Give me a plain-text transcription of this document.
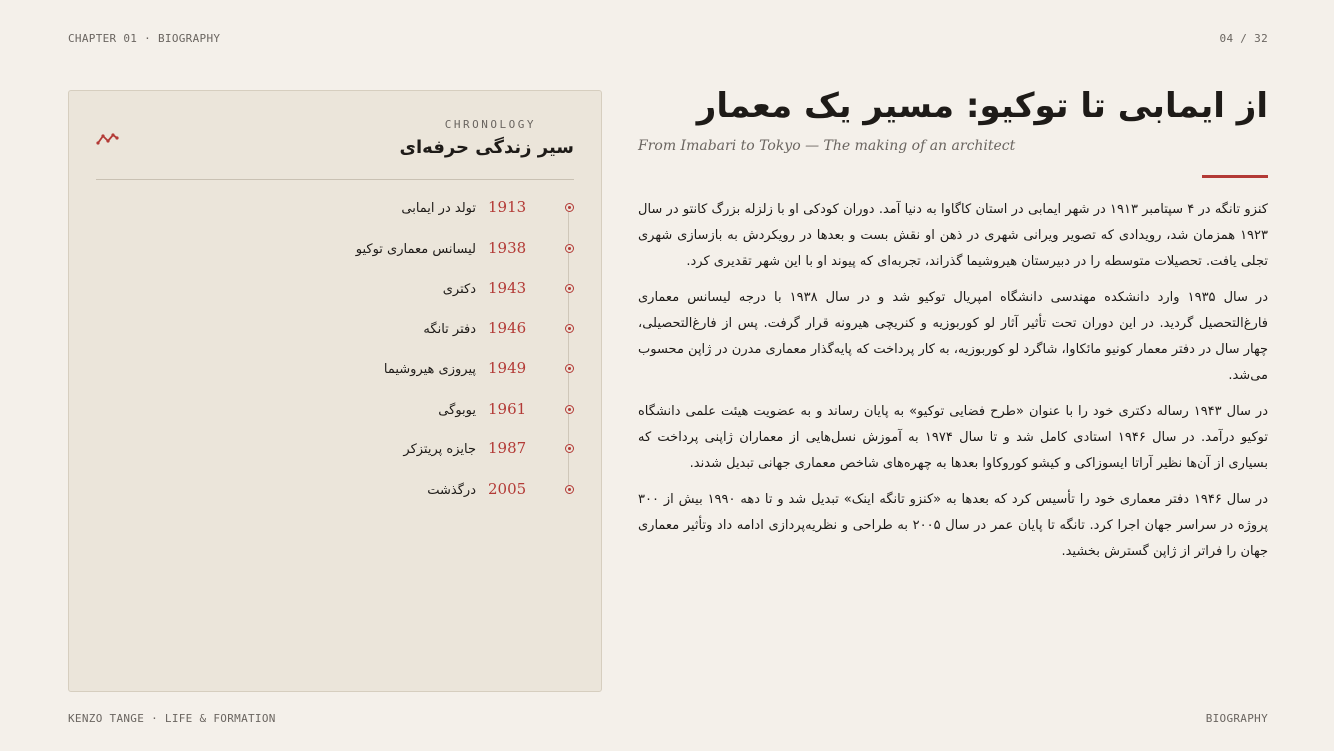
CHAPTER 01 · BIOGRAPHY	04 / 32
KENZO TANGE · LIFE & FORMATION	BIOGRAPHY
CHRONOLOGY
سیر زندگی حرفه‌ای
1913
تولد در ایمابی
1938
لیسانس معماری توکیو
1943
دکتری
1946
دفتر تانگه
1949
پیروزی هیروشیما
1961
یوبوگی
1987
جایزه پریتزکر
2005
درگذشت
از ایمابی تا توکیو: مسیر یک معمار
From Imabari to Tokyo — The making of an architect

کنزو تانگه در ۴ سپتامبر ۱۹۱۳ در شهر ایمابی در استان کاگاوا به دنیا آمد. دوران کودکی او با زلزله بزرگ کانتو در سال ۱۹۲۳ همزمان شد، رویدادی که تصویر ویرانی شهری در ذهن او نقش بست و بعدها در رویکردش به بازسازی شهری تجلی یافت. تحصیلات متوسطه را در دبیرستان هیروشیما گذراند، تجربه‌ای که پیوند او با این شهر تقدیری کرد.

در سال ۱۹۳۵ وارد دانشکده مهندسی دانشگاه امپریال توکیو شد و در سال ۱۹۳۸ با درجه لیسانس معماری فارغ‌التحصیل گردید. در این دوران تحت تأثیر آثار لو کوربوزیه و کنریچی هیرونه قرار گرفت. پس از فارغ‌التحصیلی، چهار سال در دفتر معمار کونیو مائکاوا، شاگرد لو کوربوزیه، به کار پرداخت که پایه‌گذار معماری مدرن در ژاپن محسوب می‌شد.

در سال ۱۹۴۳ رساله دکتری خود را با عنوان «طرح فضایی توکیو» به پایان رساند و به عضویت هیئت علمی دانشگاه توکیو درآمد. در سال ۱۹۴۶ استادی کامل شد و تا سال ۱۹۷۴ به آموزش نسل‌هایی از معماران ژاپنی پرداخت که بسیاری از آن‌ها نظیر آراتا ایسوزاکی و کیشو کوروکاوا بعدها به چهره‌های شاخص معماری جهانی تبدیل شدند.

در سال ۱۹۴۶ دفتر معماری خود را تأسیس کرد که بعدها به «کنزو تانگه اینک» تبدیل شد و تا دهه ۱۹۹۰ بیش از ۳۰۰ پروژه در سراسر جهان اجرا کرد. تانگه تا پایان عمر در سال ۲۰۰۵ به طراحی و نظریه‌پردازی ادامه داد وتأثیر معماری جهان را فراتر از ژاپن گسترش بخشید.
